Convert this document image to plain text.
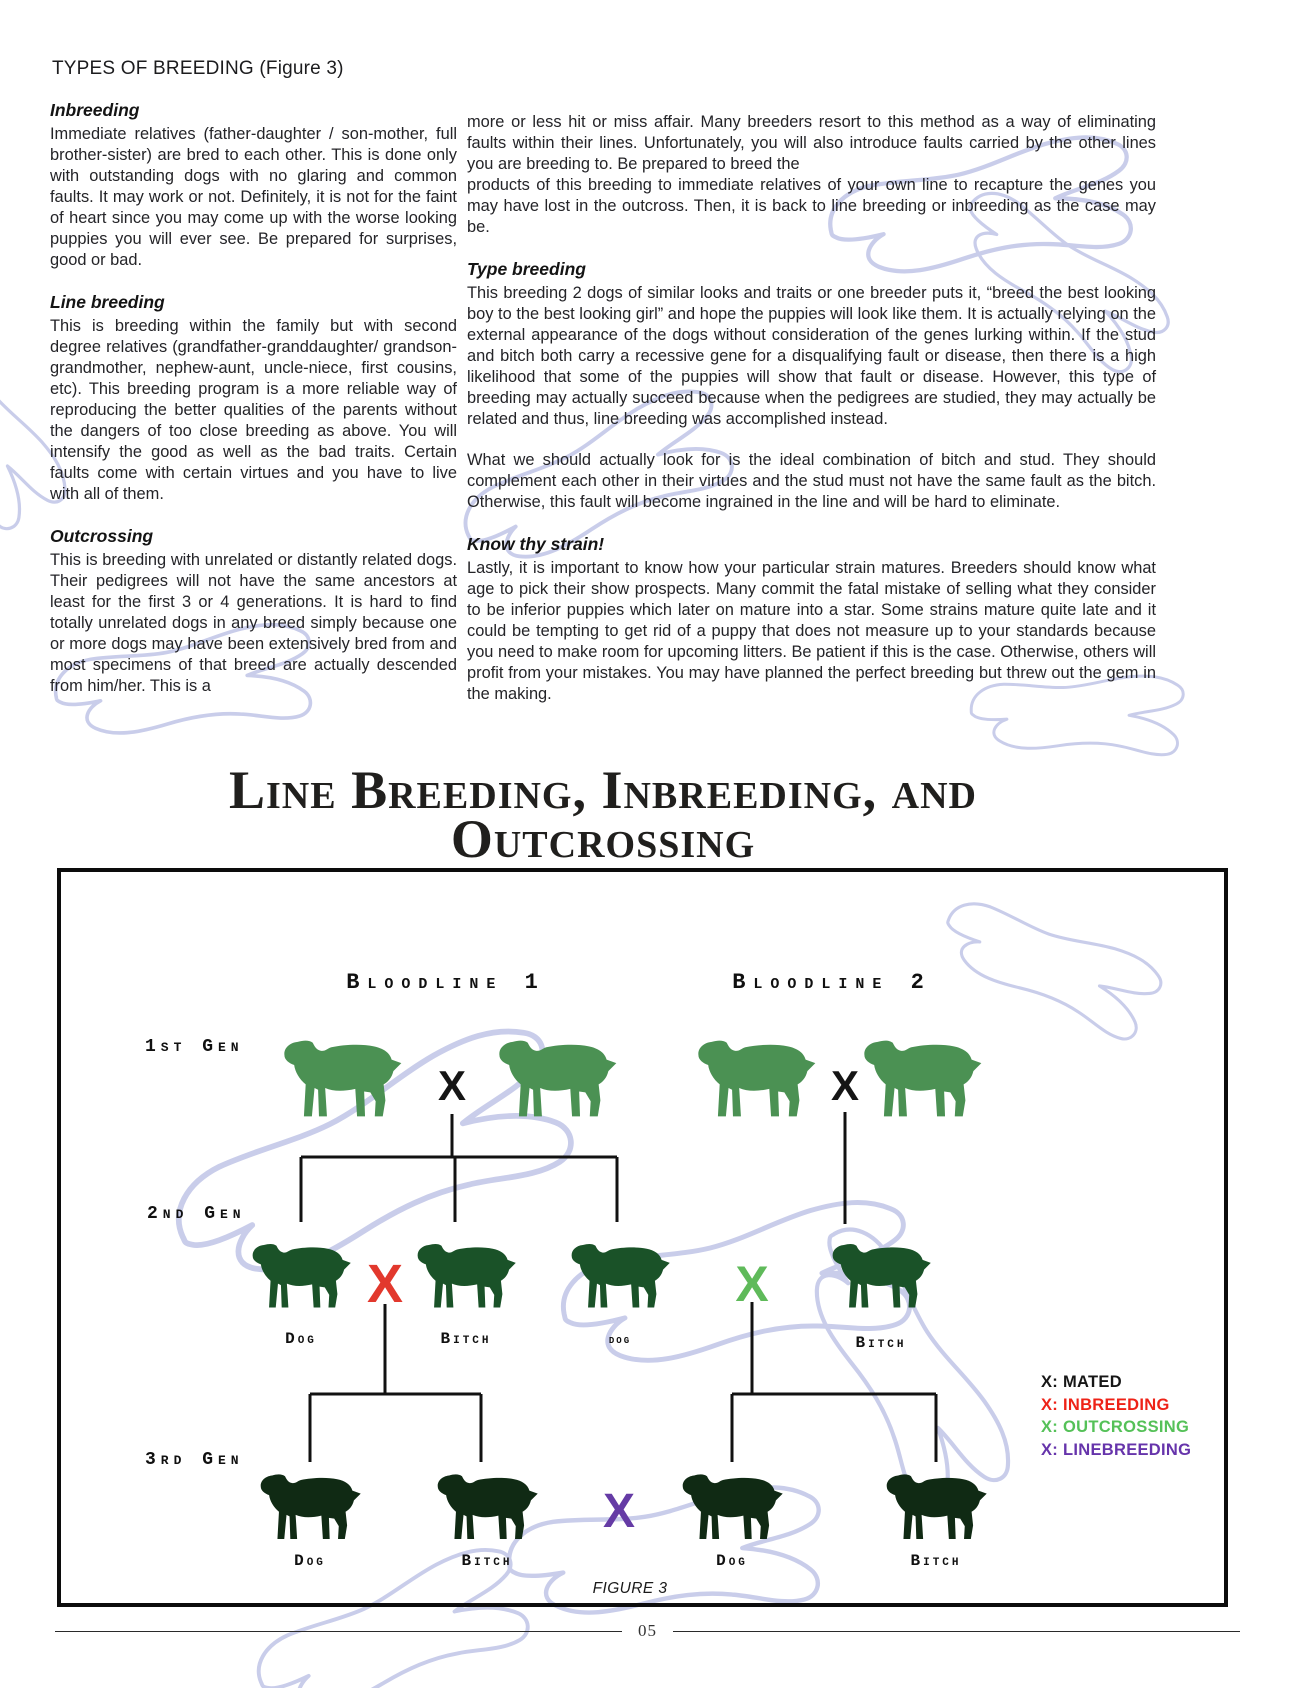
TYPES OF BREEDING (Figure 3)
Inbreeding

Immediate relatives (father-daughter / son-mother, full brother-sister) are bred to each other. This is done only with outstanding dogs with no glaring and common faults. It may work or not. Definitely, it is not for the faint of heart since you may come up with the worse looking puppies you will ever see. Be prepared for surprises, good or bad.

Line breeding

This is breeding within the family but with second degree relatives (grandfather-granddaughter/ grandson-grandmother, nephew-aunt, uncle-niece, first cousins, etc). This breeding program is a more reliable way of reproducing the better qualities of the parents without the dangers of too close breeding as above. You will intensify the good as well as the bad traits. Certain faults come with certain virtues and you have to live with all of them.

Outcrossing

This is breeding with unrelated or distantly related dogs. Their pedigrees will not have the same ancestors at least for the first 3 or 4 generations. It is hard to find totally unrelated dogs in any breed simply because one or more dogs may have been extensively bred from and most specimens of that breed are actually descended from him/her. This is a

more or less hit or miss affair. Many breeders resort to this method as a way of eliminating faults within their lines. Unfortunately, you will also introduce faults carried by the other lines you are breeding to. Be prepared to breed the

products of this breeding to immediate relatives of your own line to recapture the genes you may have lost in the outcross. Then, it is back to line breeding or inbreeding as the case may be.

Type breeding

This breeding 2 dogs of similar looks and traits or one breeder puts it, “breed the best looking boy to the best looking girl” and hope the puppies will look like them. It is actually relying on the external appearance of the dogs without consideration of the genes lurking within. If the stud and bitch both carry a recessive gene for a disqualifying fault or disease, then there is a high likelihood that some of the puppies will show that fault or disease. However, this type of breeding may actually succeed because when the pedigrees are studied, they may actually be related and thus, line breeding was accomplished instead.

What we should actually look for is the ideal combination of bitch and stud. They should complement each other in their virtues and the stud must not have the same fault as the bitch. Otherwise, this fault will become ingrained in the line and will be hard to eliminate.

Know thy strain!

Lastly, it is important to know how your particular strain matures. Breeders should know what age to pick their show prospects. Many commit the fatal mistake of selling what they consider to be inferior puppies which later on mature into a star. Some strains mature quite late and it could be tempting to get rid of a puppy that does not measure up to your standards because you need to make room for upcoming litters. Be patient if this is the case. Otherwise, others will profit from your mistakes. You may have planned the perfect breeding but threw out the gem in the making.

Line Breeding, Inbreeding, and
Outcrossing
Bloodline 1	Bloodline 2
1st Gen
2nd Gen
3rd Gen
X	X
X	X
Dog	Bitch	dog	Bitch
X
Dog	Bitch	Dog	Bitch
X: MATED
X: INBREEDING
X: OUTCROSSING
X: LINEBREEDING
FIGURE 3
05
